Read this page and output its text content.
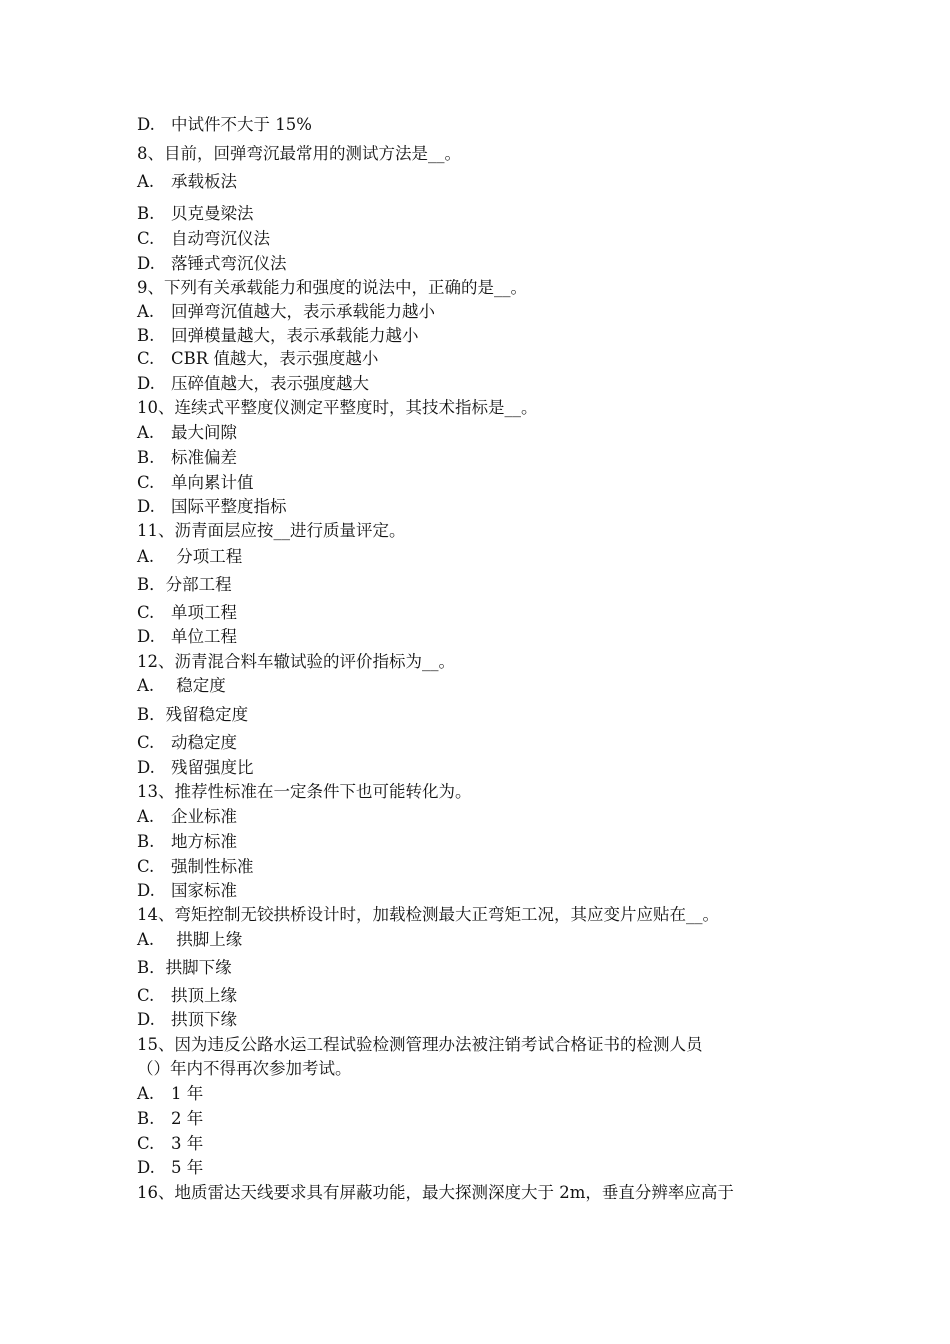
D. 中试件不大于 15%
8、目前，回弹弯沉最常用的测试方法是__。
A. 承载板法
B. 贝克曼梁法
C. 自动弯沉仪法
D. 落锤式弯沉仪法
9、下列有关承载能力和强度的说法中，正确的是__。
A. 回弹弯沉值越大，表示承载能力越小
B. 回弹模量越大，表示承载能力越小
C. CBR 值越大，表示强度越小
D. 压碎值越大，表示强度越大
10、连续式平整度仪测定平整度时，其技术指标是__。
A. 最大间隙
B. 标准偏差
C. 单向累计值
D. 国际平整度指标
11、沥青面层应按__进行质量评定。
A. 分项工程
B．分部工程
C. 单项工程
D. 单位工程
12、沥青混合料车辙试验的评价指标为__。
A. 稳定度
B．残留稳定度
C. 动稳定度
D. 残留强度比
13、推荐性标准在一定条件下也可能转化为。
A. 企业标准
B. 地方标准
C. 强制性标准
D. 国家标准
14、弯矩控制无铰拱桥设计时，加载检测最大正弯矩工况，其应变片应贴在__。
A. 拱脚上缘
B．拱脚下缘
C. 拱顶上缘
D. 拱顶下缘
15、因为违反公路水运工程试验检测管理办法被注销考试合格证书的检测人员
（）年内不得再次参加考试。
A. 1 年
B. 2 年
C. 3 年
D. 5 年
16、地质雷达天线要求具有屏蔽功能，最大探测深度大于 2m，垂直分辨率应高于
